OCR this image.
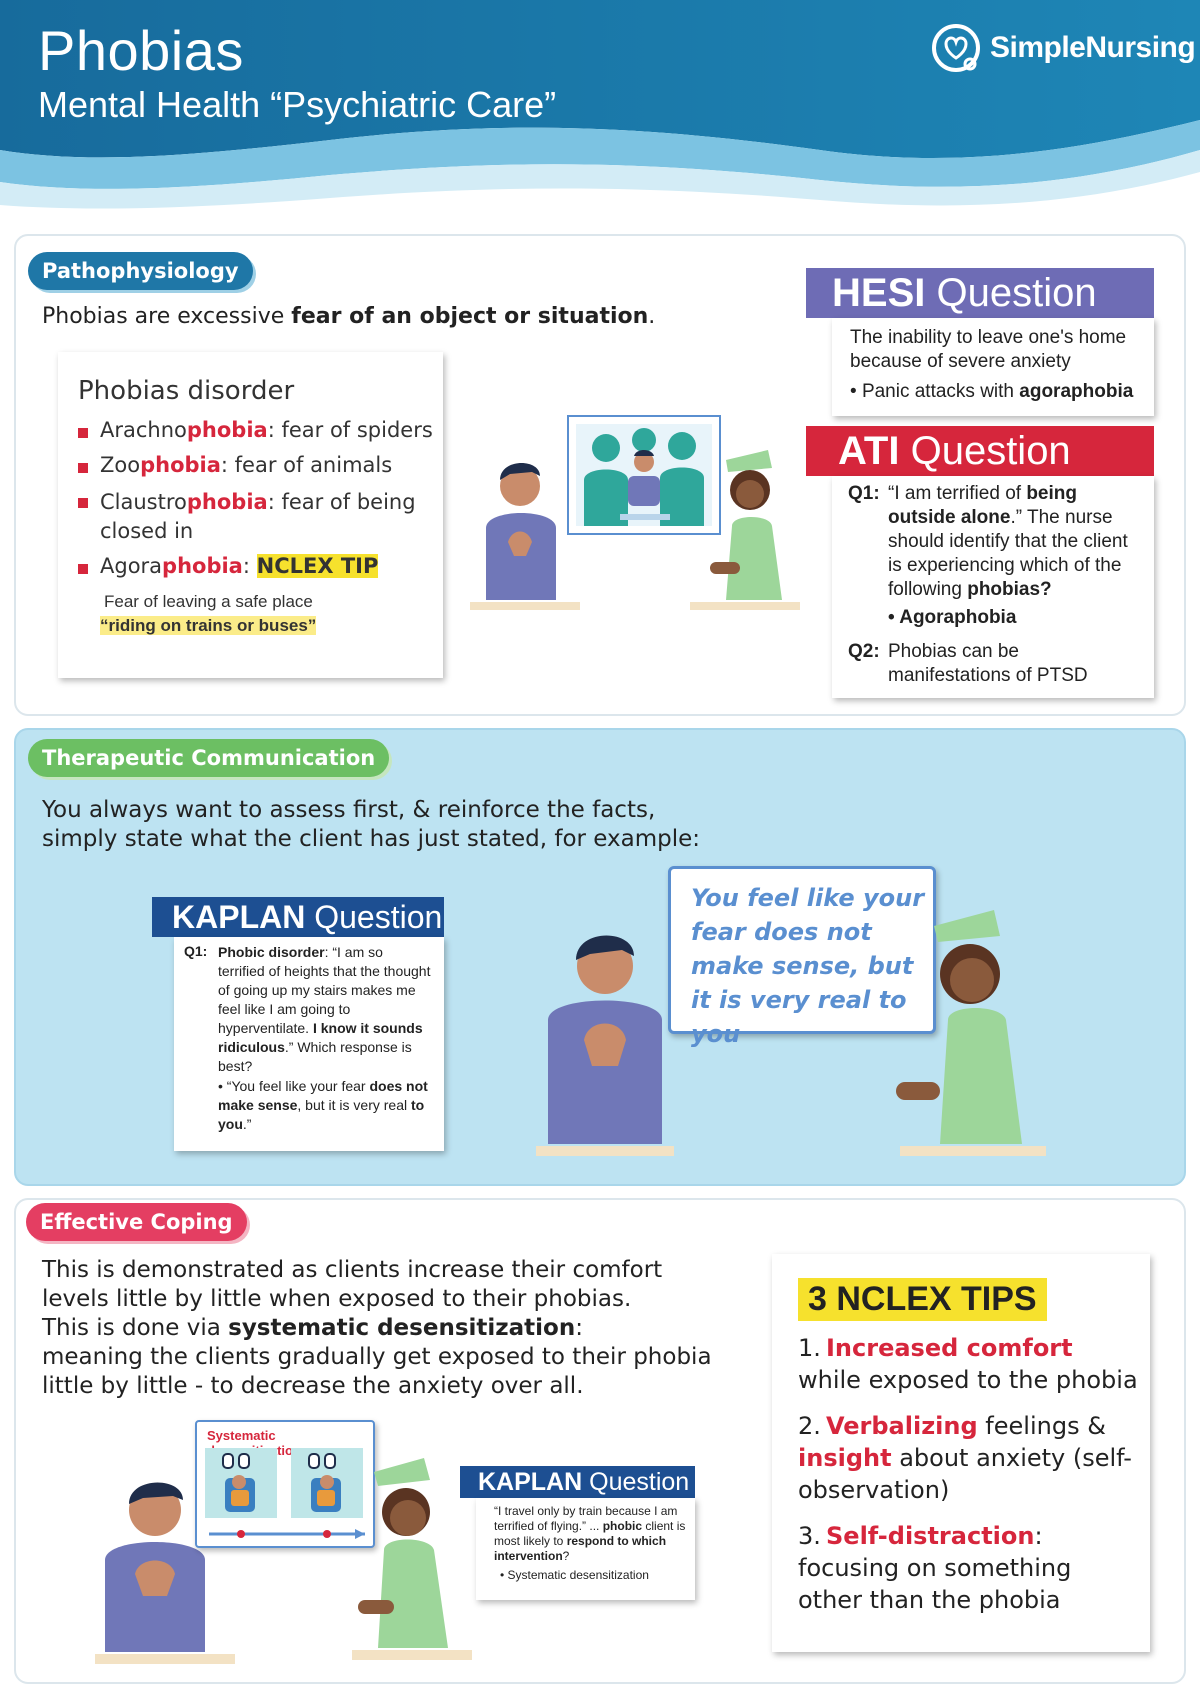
Phobias
Mental Health “Psychiatric Care”
SimpleNursing
Pathophysiology
Phobias are excessive fear of an object or situation.
Phobias disorder
Arachnophobia: fear of spiders
Zoophobia: fear of animals
Claustrophobia: fear of being closed in
Agoraphobia: NCLEX TIP
Fear of leaving a safe place
“riding on trains or buses”
HESI Question
The inability to leave one's home because of severe anxiety
• Panic attacks with agoraphobia
ATI Question
Q1: “I am terrified of being outside alone.” The nurse should identify that the client is experiencing which of the following phobias?
• Agoraphobia
Q2: Phobias can be manifestations of PTSD
Therapeutic Communication
You always want to assess first, & reinforce the facts,
simply state what the client has just stated, for example:
KAPLAN Question
Q1: Phobic disorder: “I am so terrified of heights that the thought of going up my stairs makes me feel like I am going to hyperventilate. I know it sounds ridiculous.” Which response is best?
• “You feel like your fear does not make sense, but it is very real to you.”
You feel like your fear does not make sense, but it is very real to you
Effective Coping
This is demonstrated as clients increase their comfort
levels little by little when exposed to their phobias.
This is done via systematic desensitization:
meaning the clients gradually get exposed to their phobia
little by little - to decrease the anxiety over all.
Systematic
KAPLAN Question
“I travel only by train because I am terrified of flying.” ... phobic client is most likely to respond to which intervention?
• Systematic desensitization
3 NCLEX TIPS
1. Increased comfort while exposed to the phobia
2. Verbalizing feelings & insight about anxiety (self-observation)
3. Self-distraction: focusing on something other than the phobia
